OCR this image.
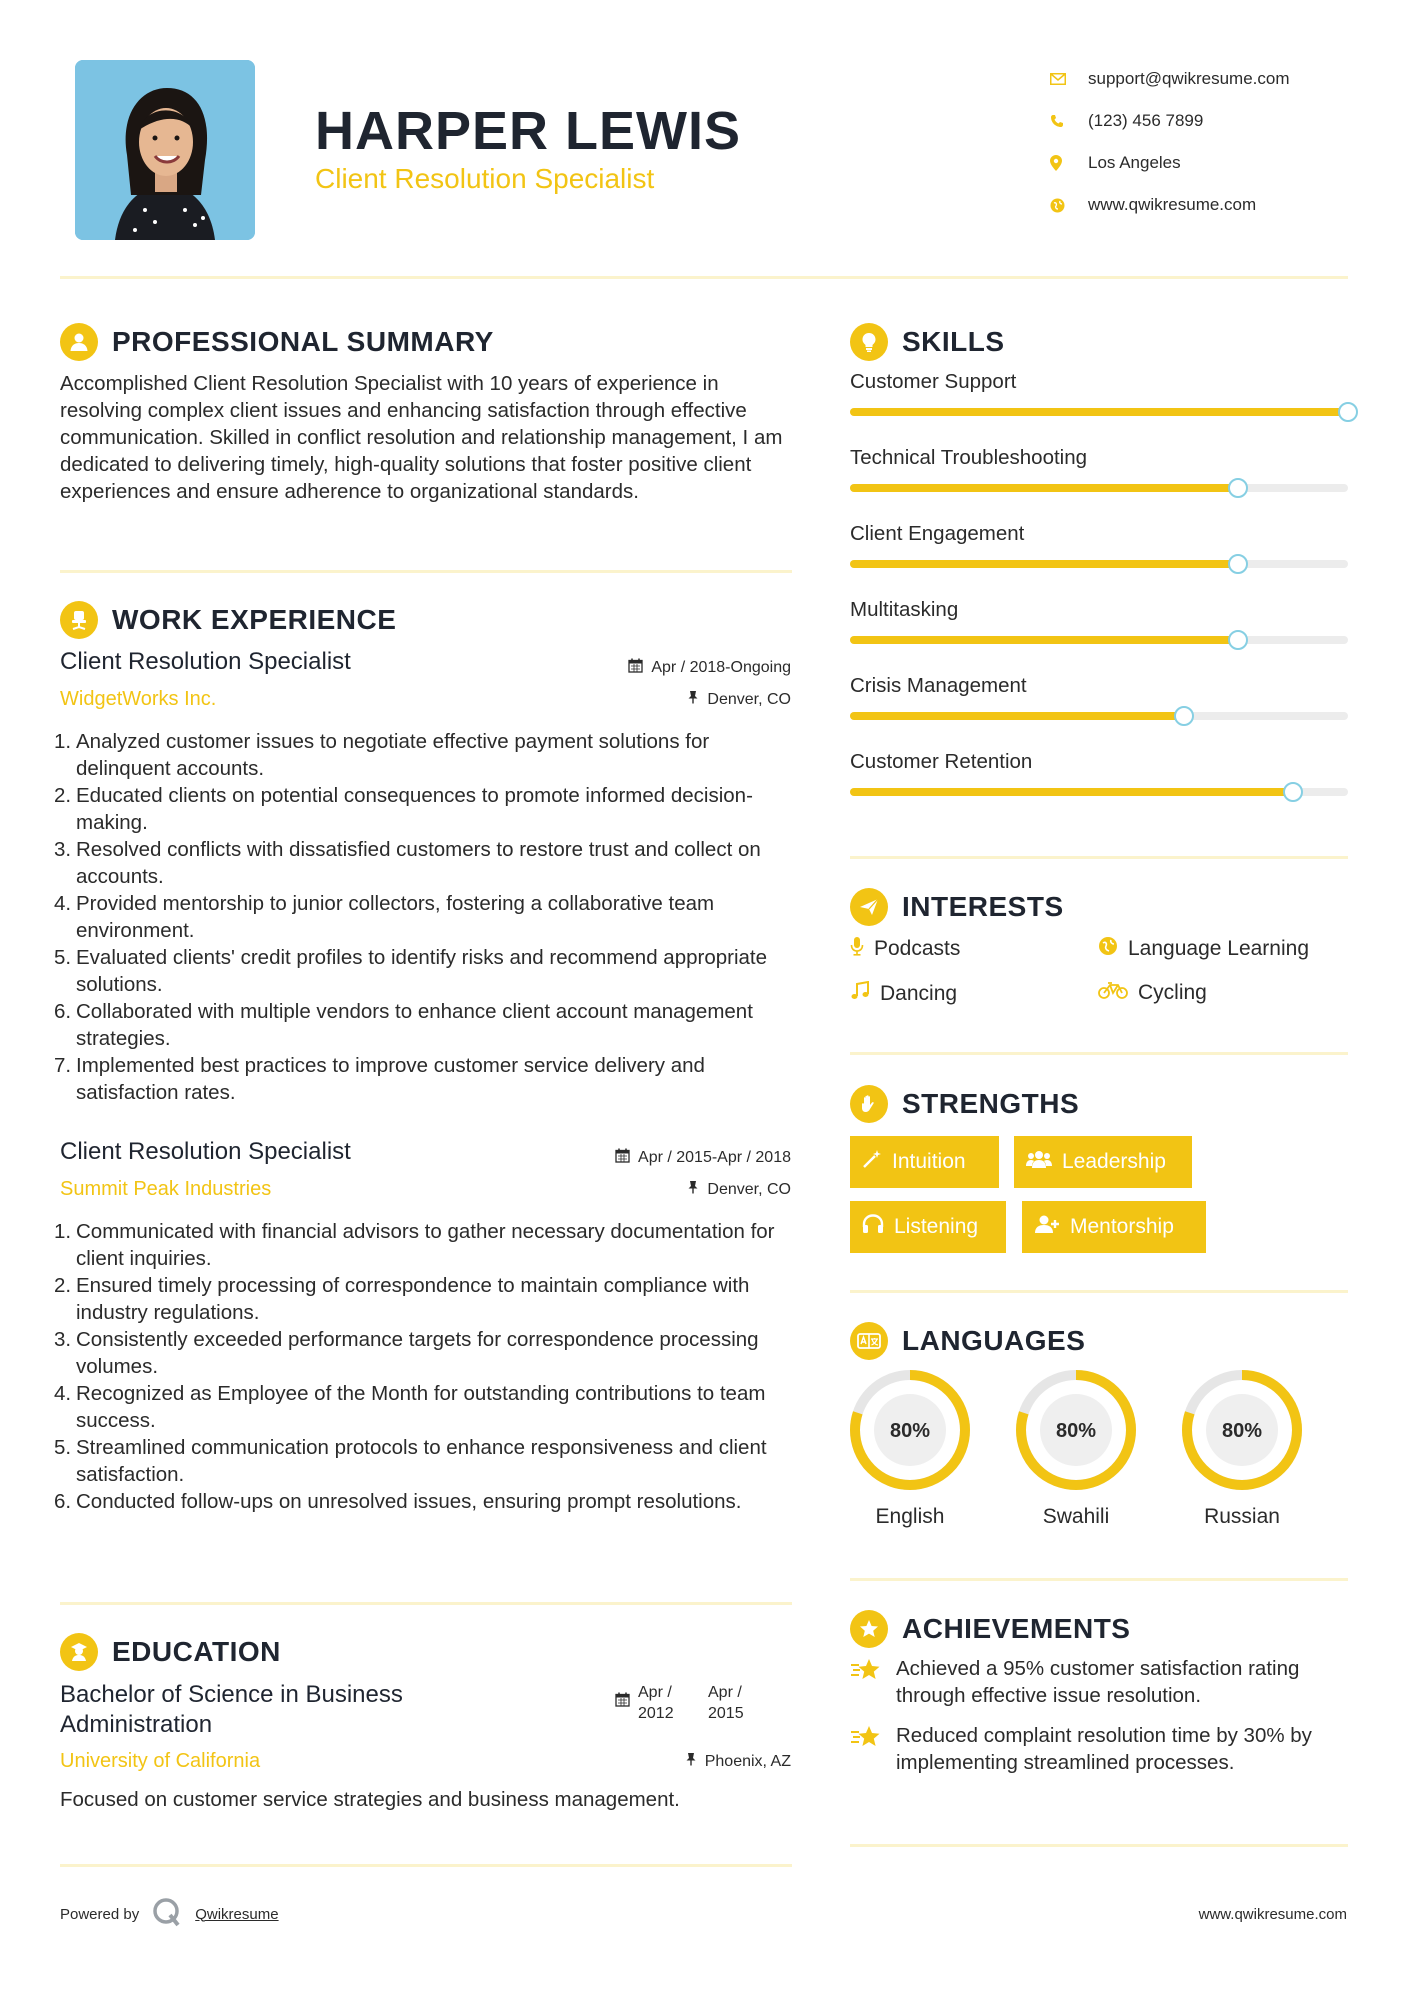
HARPER LEWIS
Client Resolution Specialist
support@qwikresume.com
(123) 456 7899
Los Angeles
www.qwikresume.com
PROFESSIONAL SUMMARY
Accomplished Client Resolution Specialist with 10 years of experience in resolving complex client issues and enhancing satisfaction through effective communication. Skilled in conflict resolution and relationship management, I am dedicated to delivering timely, high-quality solutions that foster positive client experiences and ensure adherence to organizational standards.
WORK EXPERIENCE
Client Resolution Specialist
WidgetWorks Inc.
Apr / 2018-Ongoing
Denver, CO
1. Analyzed customer issues to negotiate effective payment solutions for delinquent accounts.
2. Educated clients on potential consequences to promote informed decision-making.
3. Resolved conflicts with dissatisfied customers to restore trust and collect on accounts.
4. Provided mentorship to junior collectors, fostering a collaborative team environment.
5. Evaluated clients' credit profiles to identify risks and recommend appropriate solutions.
6. Collaborated with multiple vendors to enhance client account management strategies.
7. Implemented best practices to improve customer service delivery and satisfaction rates.
Client Resolution Specialist
Summit Peak Industries
Apr / 2015-Apr / 2018
Denver, CO
1. Communicated with financial advisors to gather necessary documentation for client inquiries.
2. Ensured timely processing of correspondence to maintain compliance with industry regulations.
3. Consistently exceeded performance targets for correspondence processing volumes.
4. Recognized as Employee of the Month for outstanding contributions to team success.
5. Streamlined communication protocols to enhance responsiveness and client satisfaction.
6. Conducted follow-ups on unresolved issues, ensuring prompt resolutions.
EDUCATION
Bachelor of Science in Business
Administration
University of California
Apr /
2012
Apr /
2015
Phoenix, AZ
Focused on customer service strategies and business management.
SKILLS
Customer Support
Technical Troubleshooting
Client Engagement
Multitasking
Crisis Management
Customer Retention
INTERESTS
Podcasts	Language Learning
Dancing	Cycling
STRENGTHS
Intuition	Leadership
Listening	Mentorship
LANGUAGES
80%
English
80%
Swahili
80%
Russian
ACHIEVEMENTS
Achieved a 95% customer satisfaction rating through effective issue resolution.
Reduced complaint resolution time by 30% by implementing streamlined processes.
Powered by	Qwikresume	www.qwikresume.com
